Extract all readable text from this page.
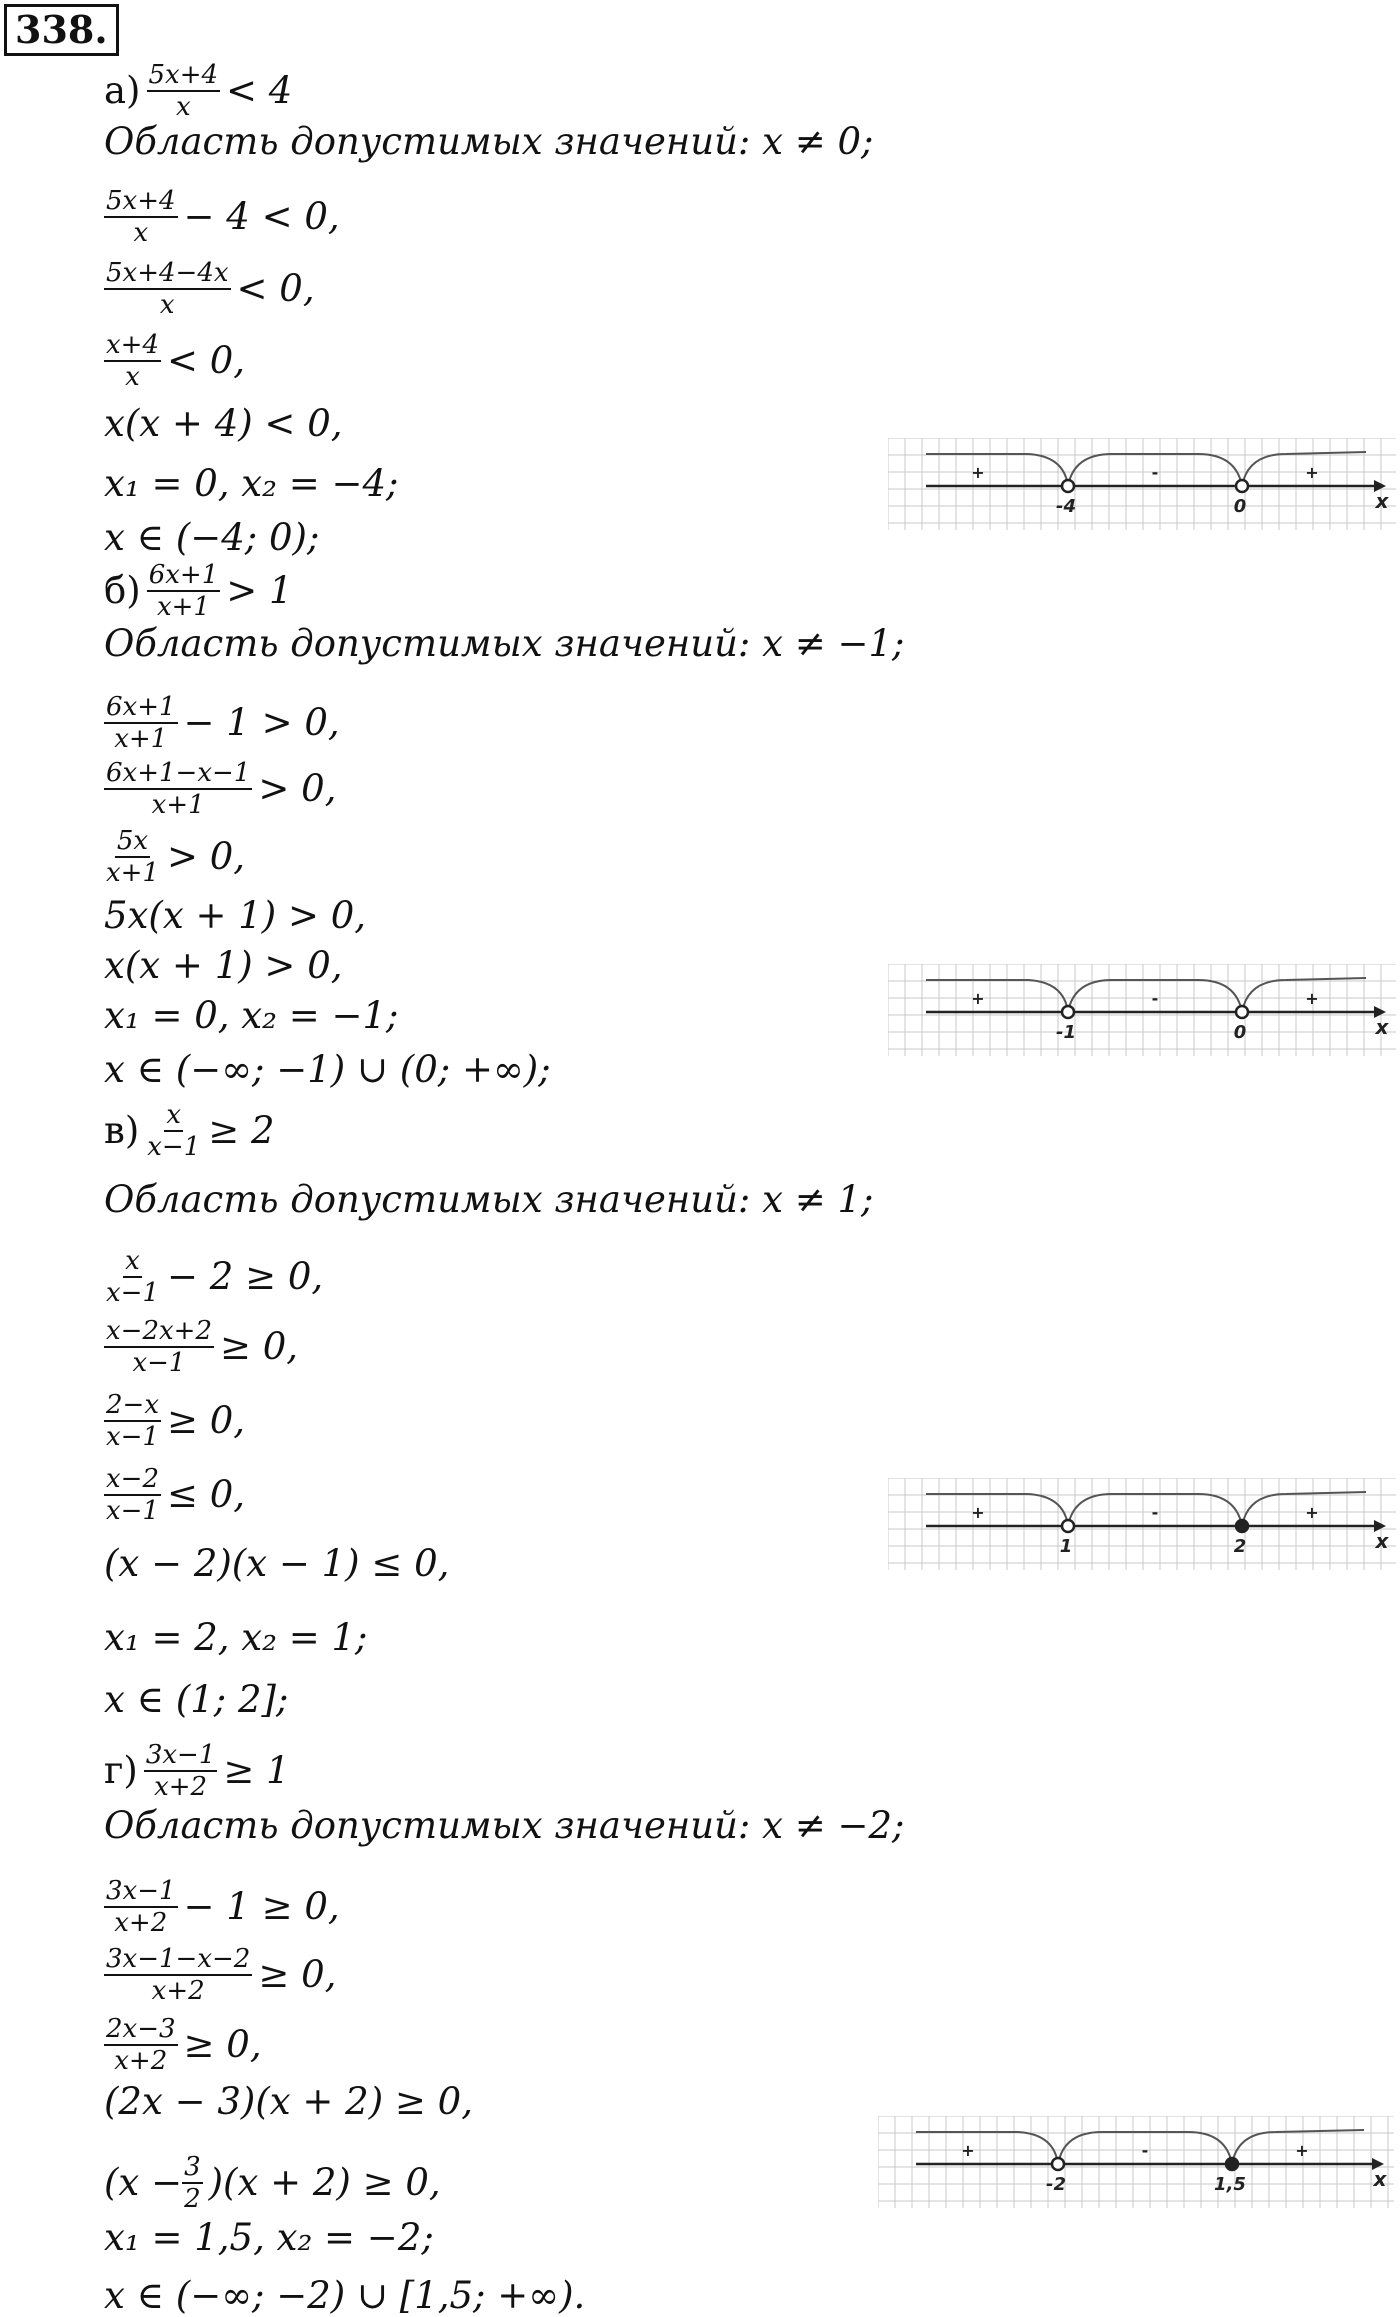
338.
$а) \frac{5x+4}{x} < 4$
Область допустимых значений: x ≠ 0;
$\frac{5x+4}{x} - 4 < 0$,
$\frac{5x+4-4x}{x} < 0$,
$\frac{x+4}{x} < 0$,
x(x + 4) < 0,
x₁ = 0, x₂ = −4;
x ∈ (−4; 0);
$б) \frac{6x+1}{x+1} > 1$
Область допустимых значений: x ≠ −1;
$\frac{6x+1}{x+1} - 1 > 0$,
$\frac{6x+1-x-1}{x+1} > 0$,
$\frac{5x}{x+1} > 0$,
5x(x + 1) > 0,
x(x + 1) > 0,
x₁ = 0, x₂ = −1;
x ∈ (−∞; −1) ∪ (0; +∞);
$в) \frac{x}{x-1} \ge 2$
Область допустимых значений: x ≠ 1;
$\frac{x}{x-1} - 2 \ge 0$,
$\frac{x-2x+2}{x-1} \ge 0$,
$\frac{2-x}{x-1} \ge 0$,
$\frac{x-2}{x-1} \le 0$,
(x − 2)(x − 1) ≤ 0,
x₁ = 2, x₂ = 1;
x ∈ (1; 2];
$г) \frac{3x-1}{x+2} \ge 1$
Область допустимых значений: x ≠ −2;
$\frac{3x-1}{x+2} - 1 \ge 0$,
$\frac{3x-1-x-2}{x+2} \ge 0$,
$\frac{2x-3}{x+2} \ge 0$,
(2x − 3)(x + 2) ≥ 0,
$(x - \frac{3}{2} )(x + 2) \ge 0$,
x₁ = 1,5, x₂ = −2;
x ∈ (−∞; −2) ∪ [1,5; +∞).
+	-	+
-4	0	x
+	-	+
-1	0	x
+	-	+
1	2	x
+	-	+
-2	1,5	x
